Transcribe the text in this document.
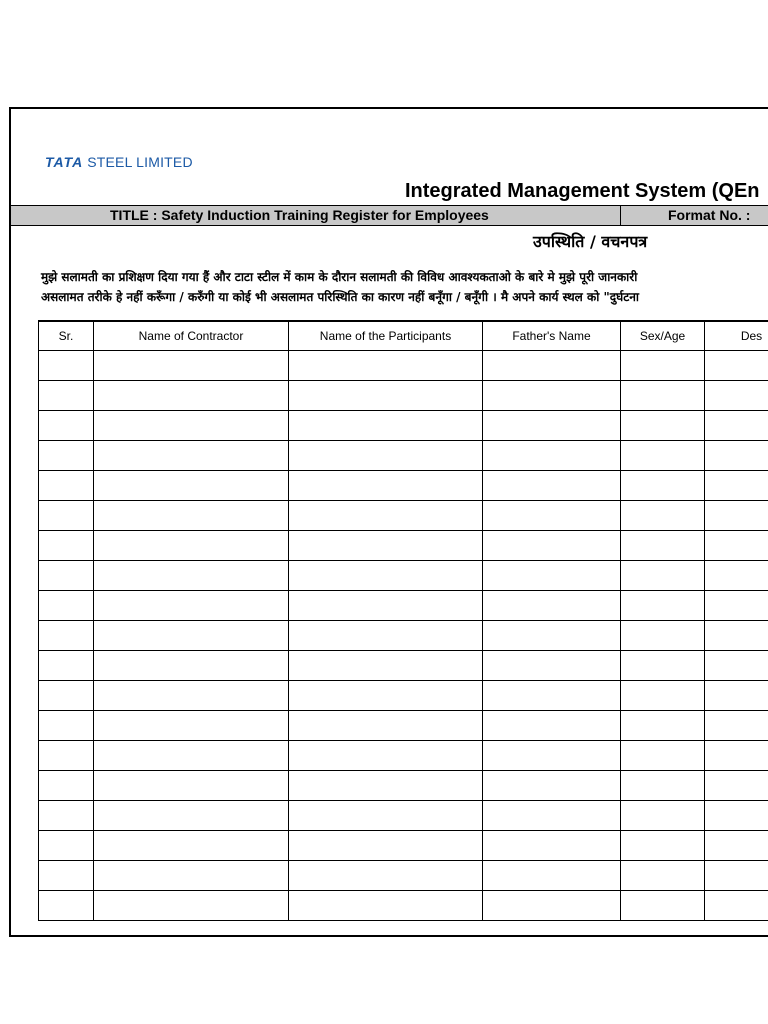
TATA STEEL LIMITED
Integrated Management System (QEn
TITLE : Safety Induction Training Register for Employees	Format No. :
उपस्थिति / वचनपत्र
मुझे सलामती का प्रशिक्षण दिया गया हैं और टाटा स्टील में काम के दौरान सलामती की विविध आवश्यकताओ के बारे मे मुझे पूरी जानकारी
असलामत तरीके हे नहीं करूँगा / करुँगी या कोई भी असलामत परिस्थिति का कारण नहीं बनूँगा / बनूँगी । मै अपने कार्य स्थल को "दुर्घटना
Sr.	Name of Contractor	Name of the Participants	Father's Name	Sex/Age	Des
